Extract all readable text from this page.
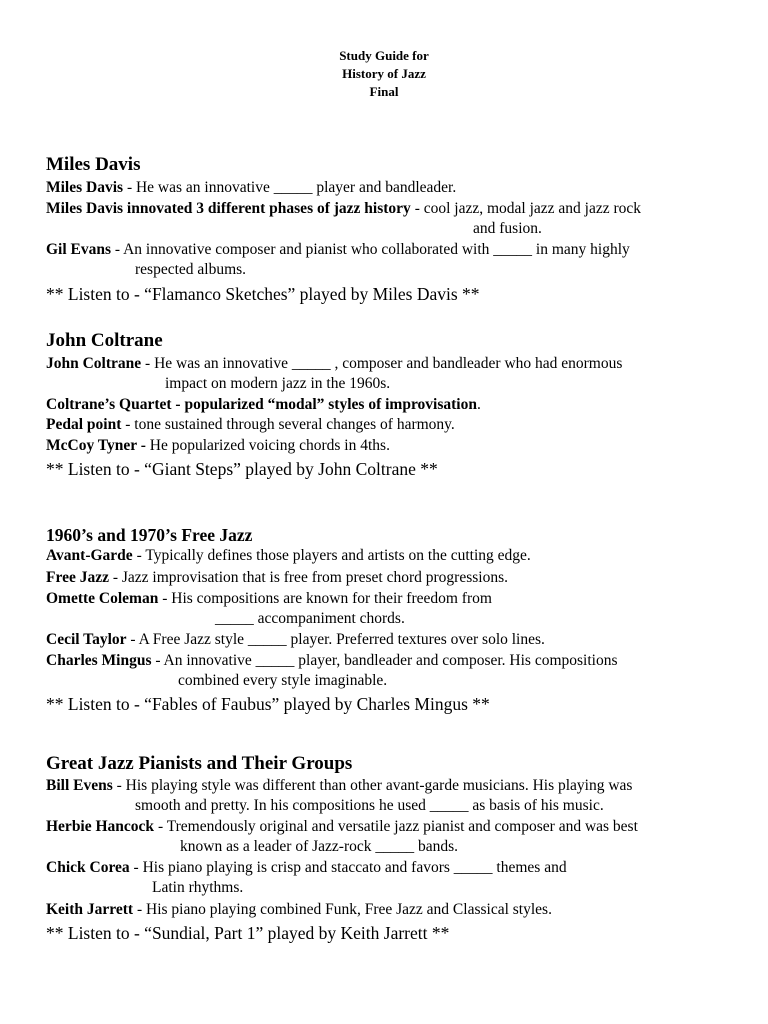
Study Guide for
History of Jazz
Final
Miles Davis
Miles Davis - He was an innovative _____ player and bandleader.
Miles Davis innovated 3 different phases of jazz history - cool jazz, modal jazz and jazz rock
and fusion.
Gil Evans - An innovative composer and pianist who collaborated with _____ in many highly
respected albums.
** Listen to - “Flamanco Sketches” played by Miles Davis **
John Coltrane
John Coltrane - He was an innovative _____ , composer and bandleader who had enormous
impact on modern jazz in the 1960s.
Coltrane’s Quartet - popularized “modal” styles of improvisation.
Pedal point - tone sustained through several changes of harmony.
McCoy Tyner - He popularized voicing chords in 4ths.
** Listen to - “Giant Steps” played by John Coltrane **
1960’s and 1970’s Free Jazz
Avant-Garde - Typically defines those players and artists on the cutting edge.
Free Jazz - Jazz improvisation that is free from preset chord progressions.
Omette Coleman - His compositions are known for their freedom from
_____ accompaniment chords.
Cecil Taylor - A Free Jazz style _____ player. Preferred textures over solo lines.
Charles Mingus - An innovative _____ player, bandleader and composer. His compositions
combined every style imaginable.
** Listen to - “Fables of Faubus” played by Charles Mingus **
Great Jazz Pianists and Their Groups
Bill Evens - His playing style was different than other avant-garde musicians. His playing was
smooth and pretty. In his compositions he used _____ as basis of his music.
Herbie Hancock - Tremendously original and versatile jazz pianist and composer and was best
known as a leader of Jazz-rock _____ bands.
Chick Corea - His piano playing is crisp and staccato and favors _____ themes and
Latin rhythms.
Keith Jarrett - His piano playing combined Funk, Free Jazz and Classical styles.
** Listen to - “Sundial, Part 1” played by Keith Jarrett **
